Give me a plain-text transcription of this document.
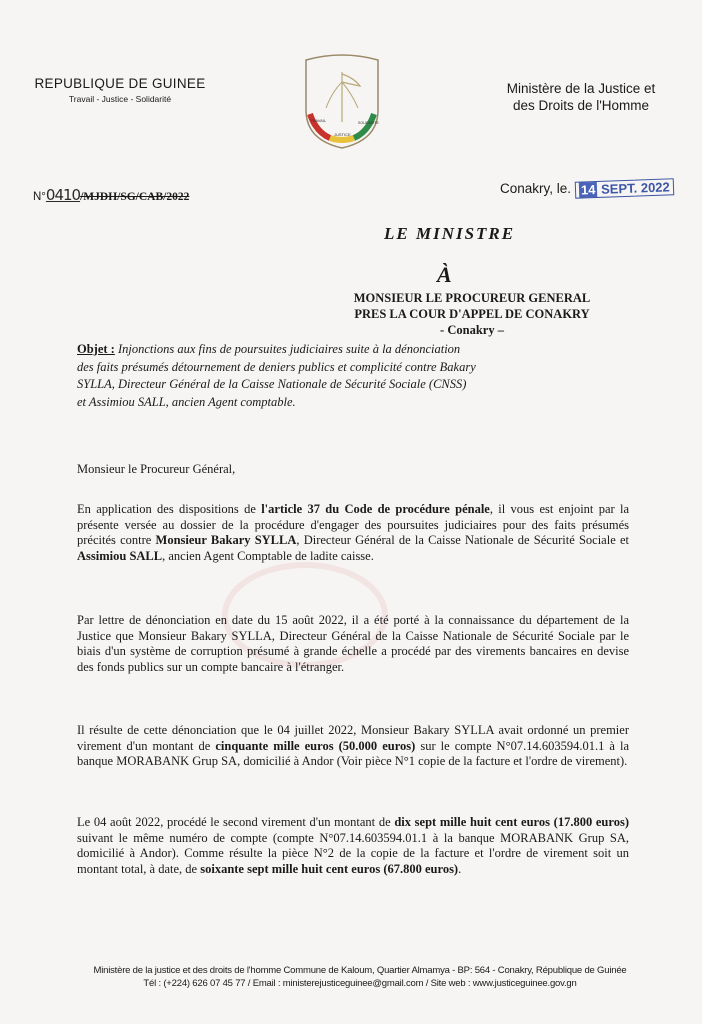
REPUBLIQUE DE GUINEE
Travail - Justice - Solidarité
TRAVAIL
JUSTICE
SOLIDARITE
Ministère de la Justice et
des Droits de l'Homme
N°0410/MJDH/SG/CAB/2022
Conakry, le. 14 SEPT. 2022
LE MINISTRE
À
MONSIEUR LE PROCUREUR GENERAL
PRES LA COUR D'APPEL DE CONAKRY
- Conakry –
Objet : Injonctions aux fins de poursuites judiciaires suite à la dénonciation des faits présumés détournement de deniers publics et complicité contre Bakary SYLLA, Directeur Général de la Caisse Nationale de Sécurité Sociale (CNSS) et Assimiou SALL, ancien Agent comptable.
Monsieur le Procureur Général,
En application des dispositions de l'article 37 du Code de procédure pénale, il vous est enjoint par la présente versée au dossier de la procédure d'engager des poursuites judiciaires pour des faits présumés précités contre Monsieur Bakary SYLLA, Directeur Général de la Caisse Nationale de Sécurité Sociale et Assimiou SALL, ancien Agent Comptable de ladite caisse.
Par lettre de dénonciation en date du 15 août 2022, il a été porté à la connaissance du département de la Justice que Monsieur Bakary SYLLA, Directeur Général de la Caisse Nationale de Sécurité Sociale par le biais d'un système de corruption présumé à grande échelle a procédé par des virements bancaires en devise des fonds publics sur un compte bancaire à l'étranger.
Il résulte de cette dénonciation que le 04 juillet 2022, Monsieur Bakary SYLLA avait ordonné un premier virement d'un montant de cinquante mille euros (50.000 euros) sur le compte N°07.14.603594.01.1 à la banque MORABANK Grup SA, domicilié à Andor (Voir pièce N°1 copie de la facture et l'ordre de virement).
Le 04 août 2022, procédé le second virement d'un montant de dix sept mille huit cent euros (17.800 euros) suivant le même numéro de compte (compte N°07.14.603594.01.1 à la banque MORABANK Grup SA, domicilié à Andor). Comme résulte la pièce N°2 de la copie de la facture et l'ordre de virement soit un montant total, à date, de soixante sept mille huit cent euros (67.800 euros).
Ministère de la justice et des droits de l'homme Commune de Kaloum, Quartier Almamya - BP: 564 - Conakry, République de Guinée
Tél : (+224) 626 07 45 77 / Email : ministerejusticeguinee@gmail.com / Site web : www.justiceguinee.gov.gn
